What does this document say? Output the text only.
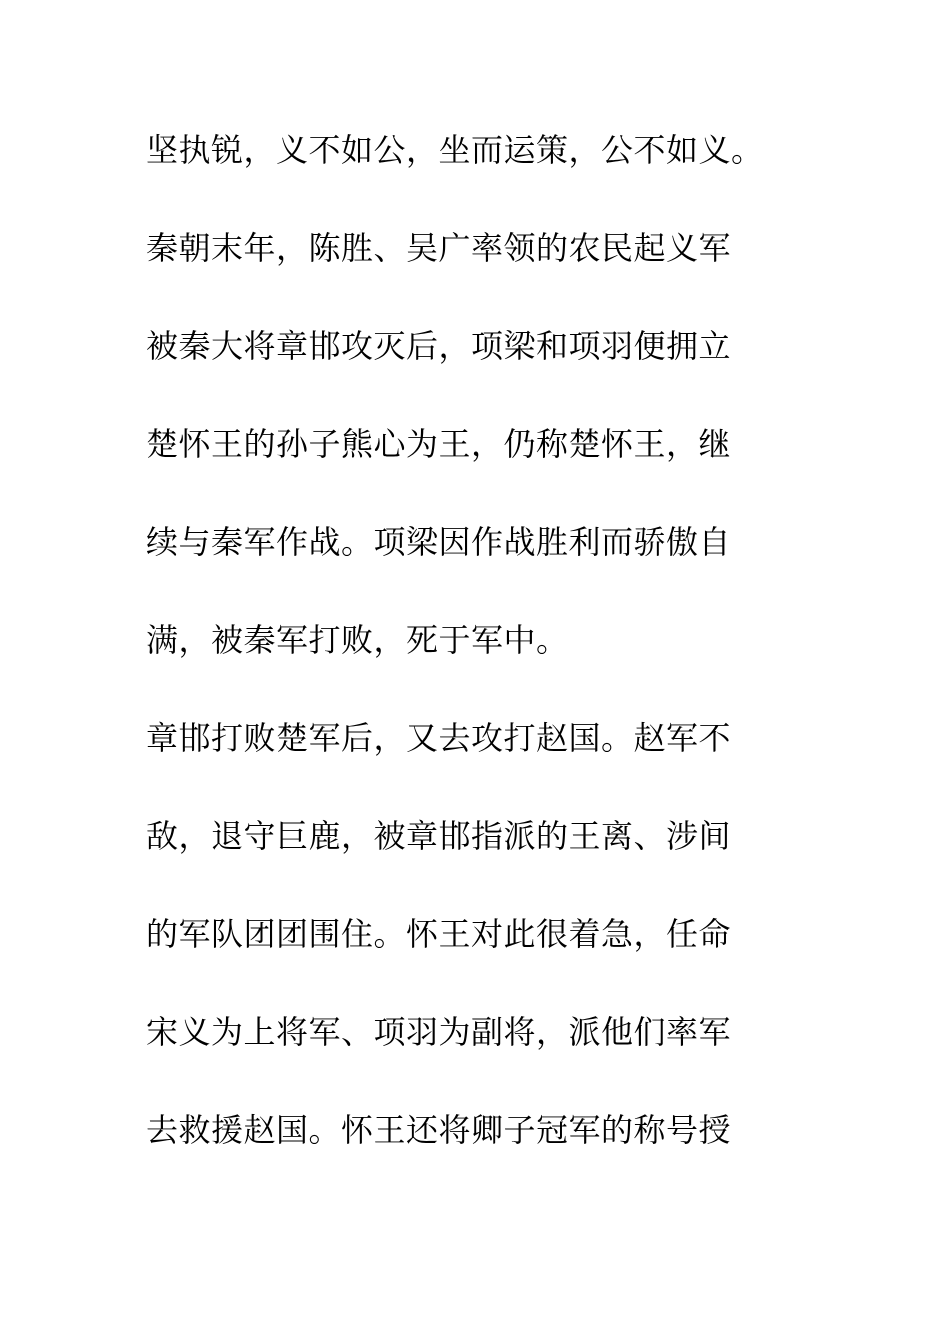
坚执锐，义不如公，坐而运策，公不如义。
秦朝末年，陈胜、吴广率领的农民起义军
被秦大将章邯攻灭后，项梁和项羽便拥立
楚怀王的孙子熊心为王，仍称楚怀王，继
续与秦军作战。项梁因作战胜利而骄傲自
满，被秦军打败，死于军中。
章邯打败楚军后，又去攻打赵国。赵军不
敌，退守巨鹿，被章邯指派的王离、涉间
的军队团团围住。怀王对此很着急，任命
宋义为上将军、项羽为副将，派他们率军
去救援赵国。怀王还将卿子冠军的称号授
